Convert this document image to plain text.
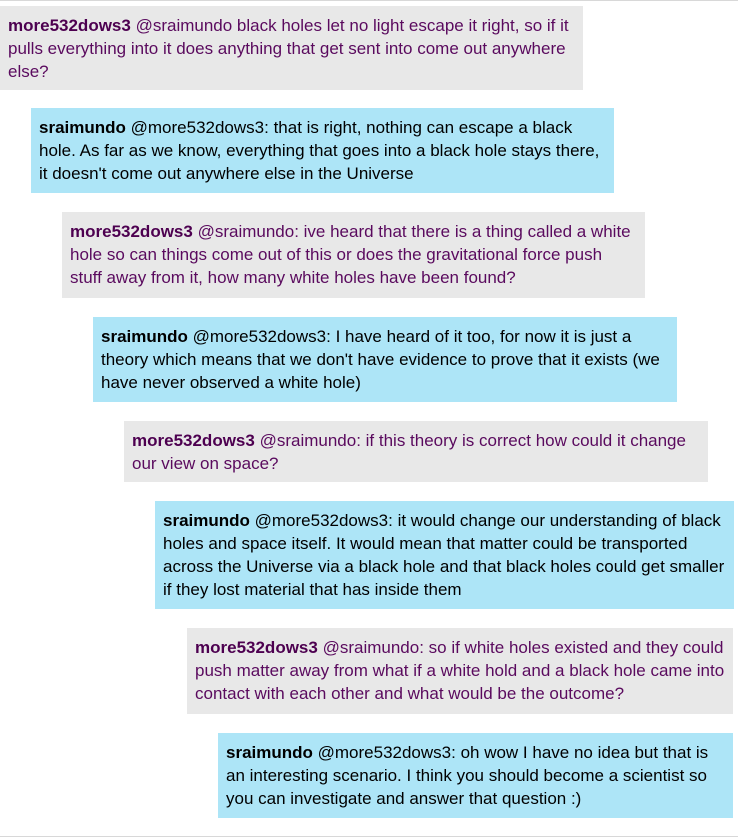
more532dows3 @sraimundo black holes let no light escape it right, so if it pulls everything into it does anything that get sent into come out anywhere else?
sraimundo @more532dows3: that is right, nothing can escape a black hole. As far as we know, everything that goes into a black hole stays there, it doesn't come out anywhere else in the Universe
more532dows3 @sraimundo: ive heard that there is a thing called a white hole so can things come out of this or does the gravitational force push stuff away from it, how many white holes have been found?
sraimundo @more532dows3: I have heard of it too, for now it is just a theory which means that we don't have evidence to prove that it exists (we have never observed a white hole)
more532dows3 @sraimundo: if this theory is correct how could it change our view on space?
sraimundo @more532dows3: it would change our understanding of black holes and space itself. It would mean that matter could be transported across the Universe via a black hole and that black holes could get smaller if they lost material that has inside them
more532dows3 @sraimundo: so if white holes existed and they could push matter away from what if a white hold and a black hole came into contact with each other and what would be the outcome?
sraimundo @more532dows3: oh wow I have no idea but that is an interesting scenario. I think you should become a scientist so you can investigate and answer that question :)
